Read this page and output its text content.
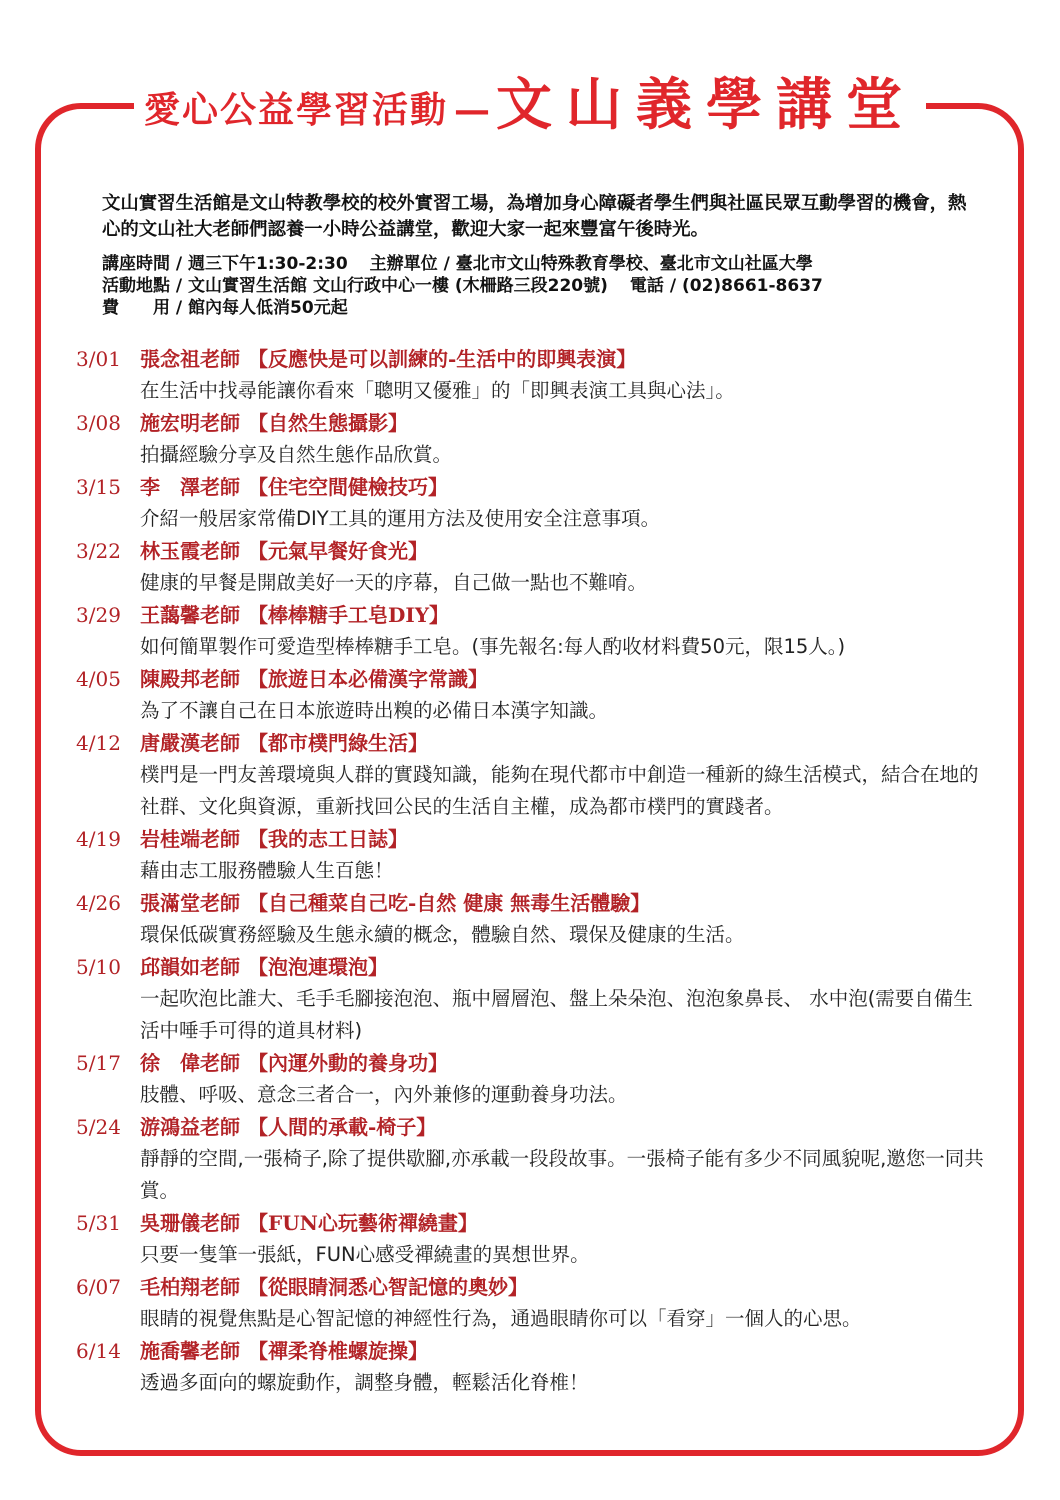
愛心公益學習活動 — 文山義學講堂
文山實習生活館是文山特教學校的校外實習工場，為增加身心障礙者學生們與社區民眾互動學習的機會，熱心的文山社大老師們認養一小時公益講堂，歡迎大家一起來豐富午後時光。
講座時間 / 週三下午1:30-2:30 主辦單位 / 臺北市文山特殊教育學校、臺北市文山社區大學
活動地點 / 文山實習生活館 文山行政中心一樓 (木柵路三段220號) 電話 / (02)8661-8637
費　　用 / 館內每人低消50元起
3/01 張念祖老師 【反應快是可以訓練的-生活中的即興表演】
在生活中找尋能讓你看來「聰明又優雅」的「即興表演工具與心法」。
3/08 施宏明老師 【自然生態攝影】
拍攝經驗分享及自然生態作品欣賞。
3/15 李　澤老師 【住宅空間健檢技巧】
介紹一般居家常備DIY工具的運用方法及使用安全注意事項。
3/22 林玉霞老師 【元氣早餐好食光】
健康的早餐是開啟美好一天的序幕，自己做一點也不難唷。
3/29 王藹馨老師 【棒棒糖手工皂DIY】
如何簡單製作可愛造型棒棒糖手工皂。(事先報名:每人酌收材料費50元，限15人。)
4/05 陳殿邦老師 【旅遊日本必備漢字常識】
為了不讓自己在日本旅遊時出糗的必備日本漢字知識。
4/12 唐嚴漢老師 【都市樸門綠生活】
樸門是一門友善環境與人群的實踐知識，能夠在現代都市中創造一種新的綠生活模式，結合在地的社群、文化與資源，重新找回公民的生活自主權，成為都市樸門的實踐者。
4/19 岩桂端老師 【我的志工日誌】
藉由志工服務體驗人生百態！
4/26 張滿堂老師 【自己種菜自己吃-自然 健康 無毒生活體驗】
環保低碳實務經驗及生態永續的概念，體驗自然、環保及健康的生活。
5/10 邱韻如老師 【泡泡連環泡】
一起吹泡比誰大、毛手毛腳接泡泡、瓶中層層泡、盤上朵朵泡、泡泡象鼻長、 水中泡(需要自備生活中唾手可得的道具材料)
5/17 徐　偉老師 【內運外動的養身功】
肢體、呼吸、意念三者合一，內外兼修的運動養身功法。
5/24 游鴻益老師 【人間的承載-椅子】
靜靜的空間,一張椅子,除了提供歇腳,亦承載一段段故事。一張椅子能有多少不同風貌呢,邀您一同共賞。
5/31 吳珊儀老師 【FUN心玩藝術禪繞畫】
只要一隻筆一張紙，FUN心感受禪繞畫的異想世界。
6/07 毛柏翔老師 【從眼睛洞悉心智記憶的奧妙】
眼睛的視覺焦點是心智記憶的神經性行為，通過眼睛你可以「看穿」一個人的心思。
6/14 施喬馨老師 【禪柔脊椎螺旋操】
透過多面向的螺旋動作，調整身體，輕鬆活化脊椎！
